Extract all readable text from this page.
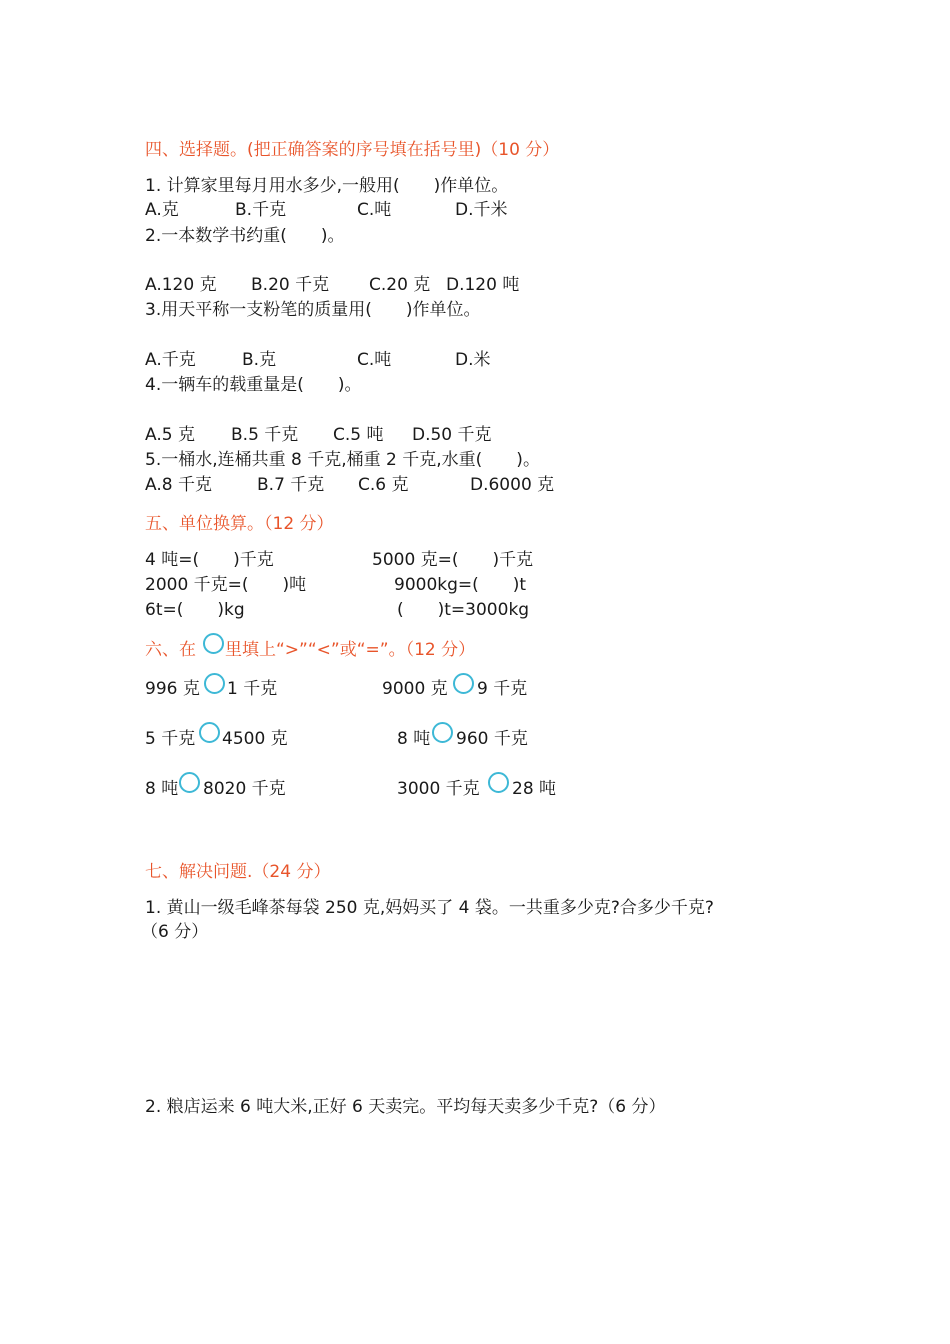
四、选择题。(把正确答案的序号填在括号里)（10 分）
1. 计算家里每月用水多少,一般用(　　)作单位。
A.克	B.千克	C.吨	D.千米
2.一本数学书约重(　　)。
A.120 克 B.20 千克 C.20 克 D.120 吨
3.用天平称一支粉笔的质量用(　　)作单位。
A.千克	B.克	C.吨	D.米
4.一辆车的载重量是(　　)。
A.5 克 B.5 千克 C.5 吨 D.50 千克
5.一桶水,连桶共重 8 千克,桶重 2 千克,水重(　　)。
A.8 千克	B.7 千克 C.6 克	D.6000 克
五、单位换算。（12 分）
4 吨=(　　)千克	5000 克=(　　)千克
2000 千克=(　　)吨	9000kg=(　　)t
6t=(　　)kg	(　　)t=3000kg
六、在 里填上“>”“<”或“=”。（12 分）
996 克 1 千克	9000 克 9 千克
5 千克 4500 克	8 吨 960 千克
8 吨 8020 千克	3000 千克 28 吨
七、解决问题.（24 分）
1. 黄山一级毛峰茶每袋 250 克,妈妈买了 4 袋。一共重多少克?合多少千克?
（6 分）
2. 粮店运来 6 吨大米,正好 6 天卖完。平均每天卖多少千克?（6 分）
